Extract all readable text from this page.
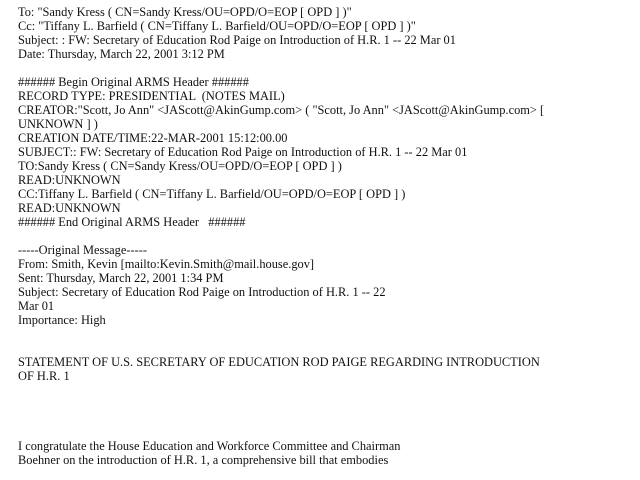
To: "Sandy Kress ( CN=Sandy Kress/OU=OPD/O=EOP [ OPD ] )"

Cc: "Tiffany L. Barfield ( CN=Tiffany L. Barfield/OU=OPD/O=EOP [ OPD ] )"

Subject: : FW: Secretary of Education Rod Paige on Introduction of H.R. 1 -- 22 Mar 01

Date: Thursday, March 22, 2001 3:12 PM

###### Begin Original ARMS Header ######

RECORD TYPE: PRESIDENTIAL  (NOTES MAIL)

CREATOR:"Scott, Jo Ann" <JAScott@AkinGump.com> ( "Scott, Jo Ann" <JAScott@AkinGump.com> [

UNKNOWN ] )

CREATION DATE/TIME:22-MAR-2001 15:12:00.00

SUBJECT:: FW: Secretary of Education Rod Paige on Introduction of H.R. 1 -- 22 Mar 01

TO:Sandy Kress ( CN=Sandy Kress/OU=OPD/O=EOP [ OPD ] )

READ:UNKNOWN

CC:Tiffany L. Barfield ( CN=Tiffany L. Barfield/OU=OPD/O=EOP [ OPD ] )

READ:UNKNOWN

###### End Original ARMS Header   ######

-----Original Message-----

From: Smith, Kevin [mailto:Kevin.Smith@mail.house.gov]

Sent: Thursday, March 22, 2001 1:34 PM

Subject: Secretary of Education Rod Paige on Introduction of H.R. 1 -- 22

Mar 01

Importance: High

STATEMENT OF U.S. SECRETARY OF EDUCATION ROD PAIGE REGARDING INTRODUCTION

OF H.R. 1

I congratulate the House Education and Workforce Committee and Chairman

Boehner on the introduction of H.R. 1, a comprehensive bill that embodies
